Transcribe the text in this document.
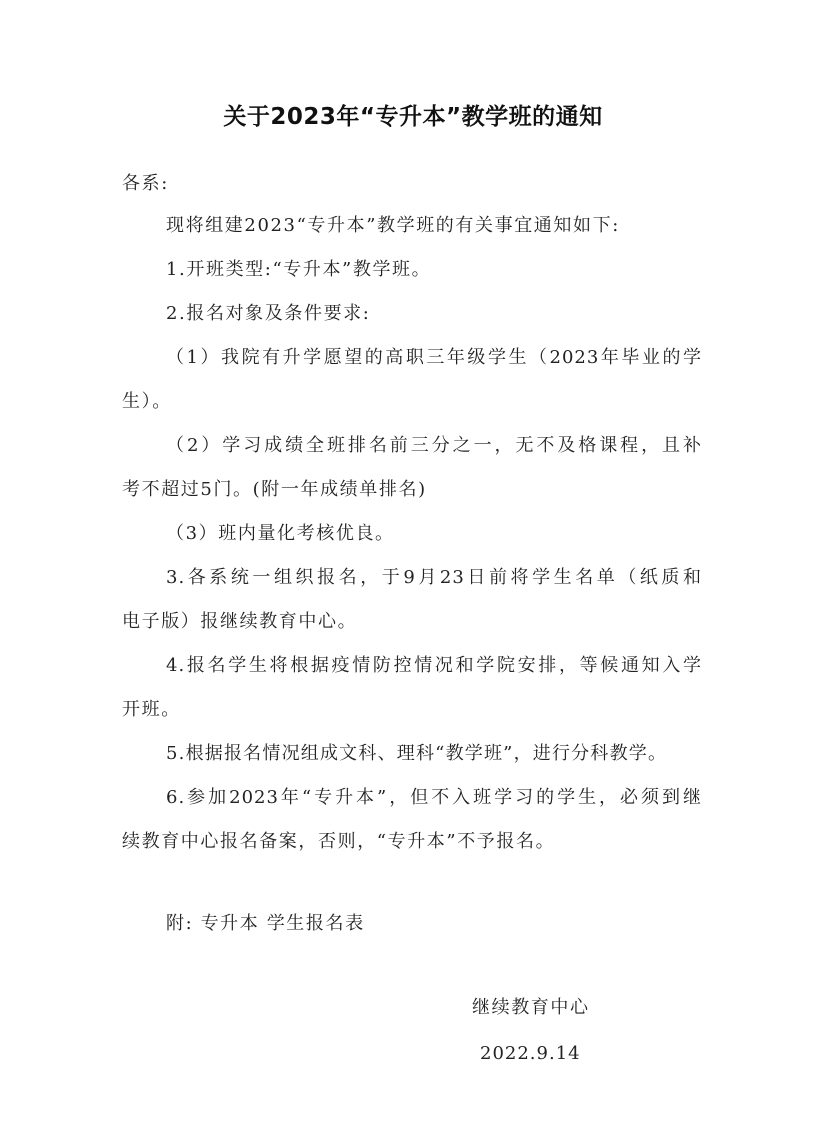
关于2023年“专升本”教学班的通知
各系:
现将组建2023“专升本”教学班的有关事宜通知如下:
1.开班类型:“专升本”教学班。
2.报名对象及条件要求:
（1）我院有升学愿望的高职三年级学生（2023年毕业的学
生）。
（2）学习成绩全班排名前三分之一，无不及格课程，且补
考不超过5门。(附一年成绩单排名)
（3）班内量化考核优良。
3.各系统一组织报名，于9月23日前将学生名单（纸质和
电子版）报继续教育中心。
4.报名学生将根据疫情防控情况和学院安排，等候通知入学
开班。
5.根据报名情况组成文科、理科“教学班”，进行分科教学。
6.参加2023年“专升本”，但不入班学习的学生，必须到继
续教育中心报名备案，否则，“专升本”不予报名。
附: 专升本 学生报名表
继续教育中心
2022.9.14
